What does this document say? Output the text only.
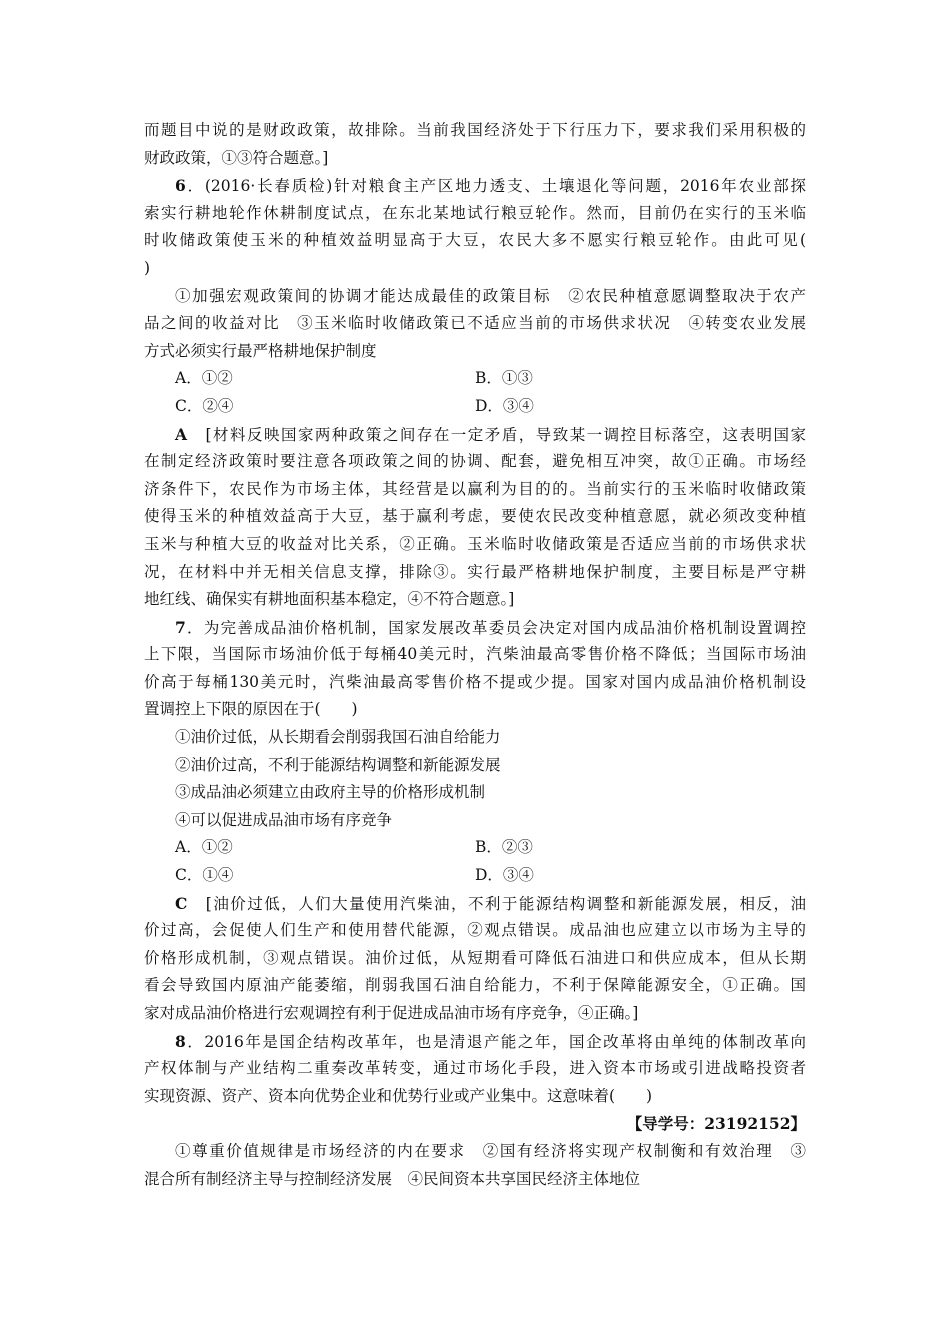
而题目中说的是财政政策，故排除。当前我国经济处于下行压力下，要求我们采用积极的
财政政策，①③符合题意。]
6．(2016·长春质检)针对粮食主产区地力透支、土壤退化等问题，2016年农业部探
索实行耕地轮作休耕制度试点，在东北某地试行粮豆轮作。然而，目前仍在实行的玉米临
时收储政策使玉米的种植效益明显高于大豆，农民大多不愿实行粮豆轮作。由此可见(
)
①加强宏观政策间的协调才能达成最佳的政策目标　②农民种植意愿调整取决于农产
品之间的收益对比　③玉米临时收储政策已不适应当前的市场供求状况　④转变农业发展
方式必须实行最严格耕地保护制度
A．①②	B．①③
C．②④	D．③④
A　[材料反映国家两种政策之间存在一定矛盾，导致某一调控目标落空，这表明国家
在制定经济政策时要注意各项政策之间的协调、配套，避免相互冲突，故①正确。市场经
济条件下，农民作为市场主体，其经营是以赢利为目的的。当前实行的玉米临时收储政策
使得玉米的种植效益高于大豆，基于赢利考虑，要使农民改变种植意愿，就必须改变种植
玉米与种植大豆的收益对比关系，②正确。玉米临时收储政策是否适应当前的市场供求状
况，在材料中并无相关信息支撑，排除③。实行最严格耕地保护制度，主要目标是严守耕
地红线、确保实有耕地面积基本稳定，④不符合题意。]
7．为完善成品油价格机制，国家发展改革委员会决定对国内成品油价格机制设置调控
上下限，当国际市场油价低于每桶40美元时，汽柴油最高零售价格不降低；当国际市场油
价高于每桶130美元时，汽柴油最高零售价格不提或少提。国家对国内成品油价格机制设
置调控上下限的原因在于(　　)
①油价过低，从长期看会削弱我国石油自给能力
②油价过高，不利于能源结构调整和新能源发展
③成品油必须建立由政府主导的价格形成机制
④可以促进成品油市场有序竞争
A．①②	B．②③
C．①④	D．③④
C　[油价过低，人们大量使用汽柴油，不利于能源结构调整和新能源发展，相反，油
价过高，会促使人们生产和使用替代能源，②观点错误。成品油也应建立以市场为主导的
价格形成机制，③观点错误。油价过低，从短期看可降低石油进口和供应成本，但从长期
看会导致国内原油产能萎缩，削弱我国石油自给能力，不利于保障能源安全，①正确。国
家对成品油价格进行宏观调控有利于促进成品油市场有序竞争，④正确。]
8．2016年是国企结构改革年，也是清退产能之年，国企改革将由单纯的体制改革向
产权体制与产业结构二重奏改革转变，通过市场化手段，进入资本市场或引进战略投资者
实现资源、资产、资本向优势企业和优势行业或产业集中。这意味着(　　)
【导学号：23192152】
①尊重价值规律是市场经济的内在要求　②国有经济将实现产权制衡和有效治理　③
混合所有制经济主导与控制经济发展　④民间资本共享国民经济主体地位
